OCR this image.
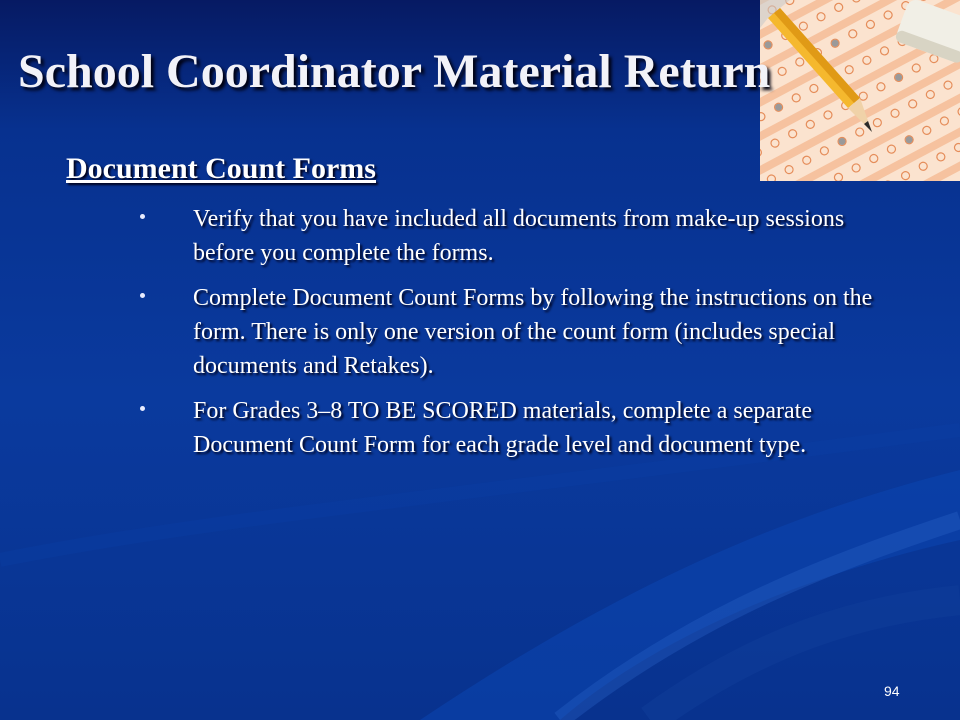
School Coordinator Material Return
Document Count Forms
Verify that you have included all documents from make-up sessions before you complete the forms.
Complete Document Count Forms by following the instructions on the form. There is only one version of the count form (includes special documents and Retakes).
For Grades 3–8 TO BE SCORED materials, complete a separate Document Count Form for each grade level and document type.
94
